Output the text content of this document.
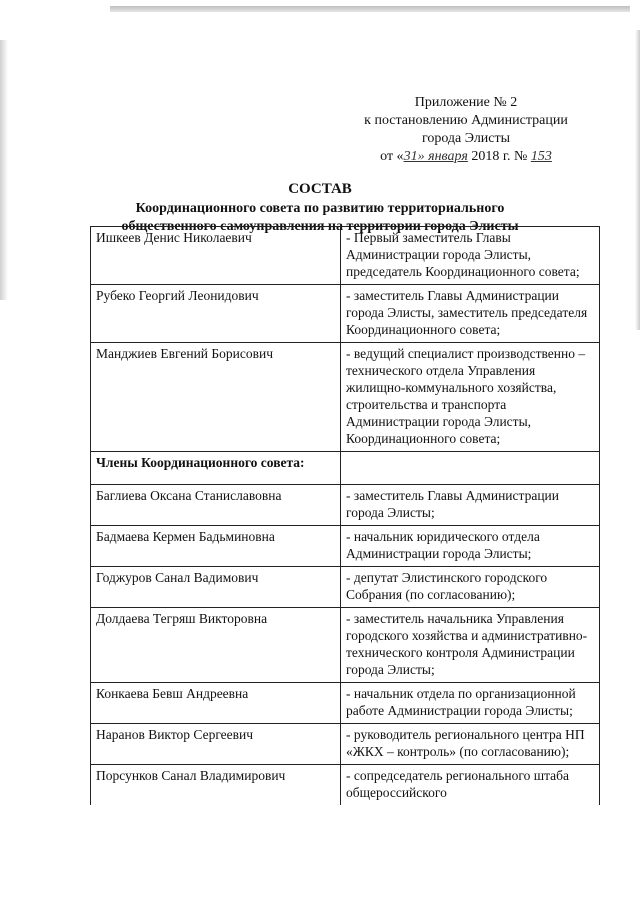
Приложение № 2
к постановлению Администрации
города Элисты
от «31» января 2018 г. № 153
СОСТАВ
Координационного совета по развитию территориального
общественного самоуправления на территории города Элисты
Ишкеев Денис Николаевич	- Первый заместитель Главы Администрации города Элисты, председатель Координационного совета;
Рубеко Георгий Леонидович	- заместитель Главы Администрации города Элисты, заместитель председателя Координационного совета;
Манджиев Евгений Борисович	- ведущий специалист производственно – технического отдела Управления жилищно-коммунального хозяйства, строительства и транспорта Администрации города Элисты, Координационного совета;
Члены Координационного совета:	
Баглиева Оксана Станиславовна	- заместитель Главы Администрации города Элисты;
Бадмаева Кермен Бадьминовна	- начальник юридического отдела Администрации города Элисты;
Годжуров Санал Вадимович	- депутат Элистинского городского Собрания (по согласованию);
Долдаева Тегряш Викторовна	- заместитель начальника Управления городского хозяйства и административно-технического контроля Администрации города Элисты;
Конкаева Бевш Андреевна	- начальник отдела по организационной работе Администрации города Элисты;
Наранов Виктор Сергеевич	- руководитель регионального центра НП «ЖКХ – контроль» (по согласованию);
Порсунков Санал Владимирович	- сопредседатель регионального штаба общероссийского
